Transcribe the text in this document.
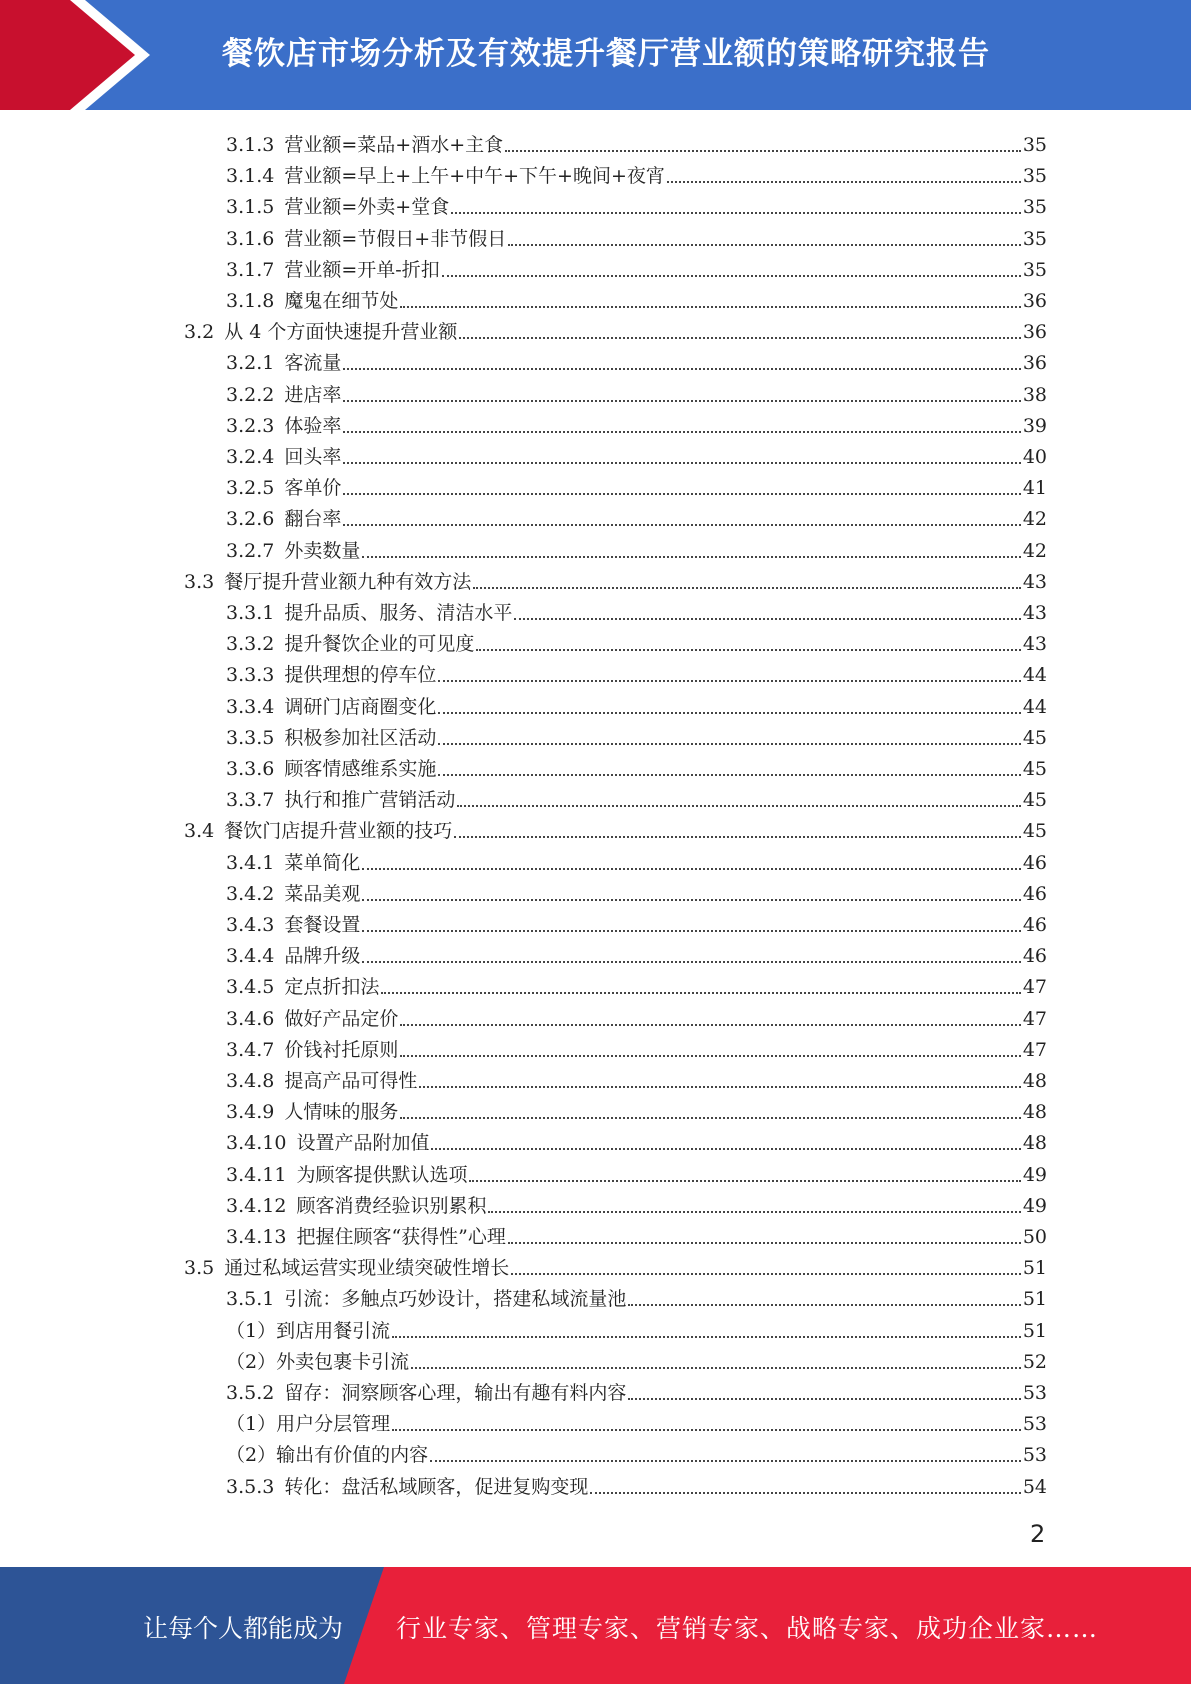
餐饮店市场分析及有效提升餐厅营业额的策略研究报告
3.1.3 营业额=菜品+酒水+主食	35
3.1.4 营业额=早上+上午+中午+下午+晚间+夜宵	35
3.1.5 营业额=外卖+堂食	35
3.1.6 营业额=节假日+非节假日	35
3.1.7 营业额=开单-折扣	35
3.1.8 魔鬼在细节处	36
3.2 从 4 个方面快速提升营业额	36
3.2.1 客流量	36
3.2.2 进店率	38
3.2.3 体验率	39
3.2.4 回头率	40
3.2.5 客单价	41
3.2.6 翻台率	42
3.2.7 外卖数量	42
3.3 餐厅提升营业额九种有效方法	43
3.3.1 提升品质、服务、清洁水平	43
3.3.2 提升餐饮企业的可见度	43
3.3.3 提供理想的停车位	44
3.3.4 调研门店商圈变化	44
3.3.5 积极参加社区活动	45
3.3.6 顾客情感维系实施	45
3.3.7 执行和推广营销活动	45
3.4 餐饮门店提升营业额的技巧	45
3.4.1 菜单简化	46
3.4.2 菜品美观	46
3.4.3 套餐设置	46
3.4.4 品牌升级	46
3.4.5 定点折扣法	47
3.4.6 做好产品定价	47
3.4.7 价钱衬托原则	47
3.4.8 提高产品可得性	48
3.4.9 人情味的服务	48
3.4.10 设置产品附加值	48
3.4.11 为顾客提供默认选项	49
3.4.12 顾客消费经验识别累积	49
3.4.13 把握住顾客“获得性”心理	50
3.5 通过私域运营实现业绩突破性增长	51
3.5.1 引流：多触点巧妙设计，搭建私域流量池	51
（1）到店用餐引流	51
（2）外卖包裹卡引流	52
3.5.2 留存：洞察顾客心理，输出有趣有料内容	53
（1）用户分层管理	53
（2）输出有价值的内容	53
3.5.3 转化：盘活私域顾客，促进复购变现	54
2
让每个人都能成为 行业专家、管理专家、营销专家、战略专家、成功企业家……
